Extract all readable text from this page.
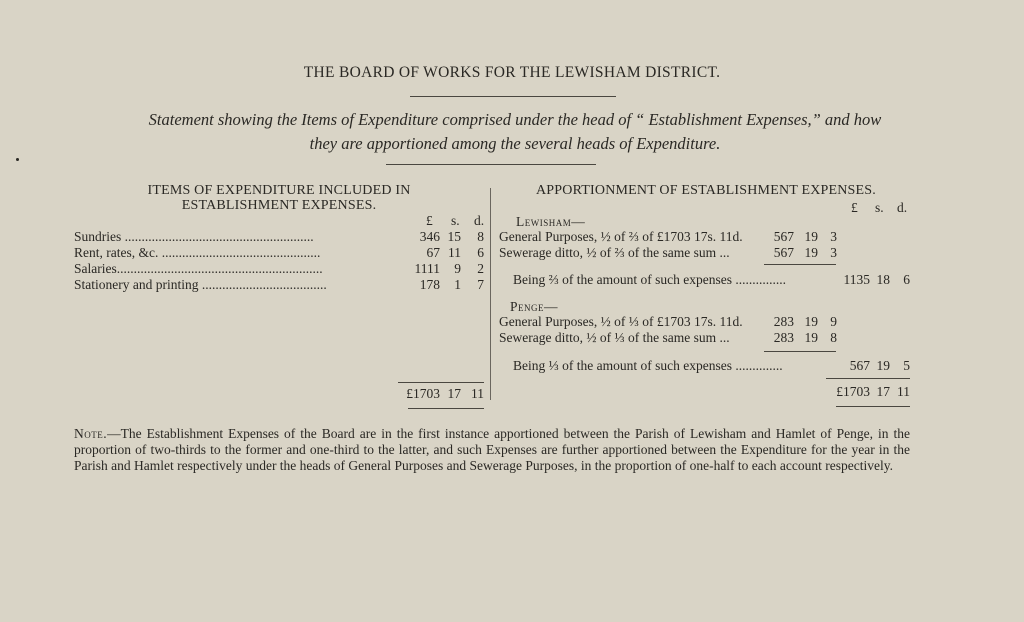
THE BOARD OF WORKS FOR THE LEWISHAM DISTRICT.
Statement showing the Items of Expenditure comprised under the head of “ Establishment Expenses,” and how
they are apportioned among the several heads of Expenditure.
ITEMS OF EXPENDITURE INCLUDED IN
ESTABLISHMENT EXPENSES.
APPORTIONMENT OF ESTABLISHMENT EXPENSES.
£ s. d.
Sundries ........................................................	346 15	8
Rent, rates, &c. ...............................................	67 11	6
Salaries.............................................................	1111	9	2
Stationery and printing .....................................	178	1	7
£1703 17 11
£ s. d.
Lewisham—
General Purposes, ½ of ⅔ of £1703 17s. 11d.	567 19 3
Sewerage ditto, ½ of ⅔ of the same sum ...	567 19 3
Being ⅔ of the amount of such expenses ...............	1135 18 6
Penge—
General Purposes, ½ of ⅓ of £1703 17s. 11d.	283 19 9
Sewerage ditto, ½ of ⅓ of the same sum ...	283 19 8
Being ⅓ of the amount of such expenses ..............	567 19 5
£1703 17 11
Note.—The Establishment Expenses of the Board are in the first instance apportioned between the Parish of Lewisham and Hamlet of Penge, in the proportion of two-thirds to the former and one-third to the latter, and such Expenses are further apportioned between the Expenditure for the year in the Parish and Hamlet respectively under the heads of General Purposes and Sewerage Purposes, in the proportion of one-half to each account respectively.
